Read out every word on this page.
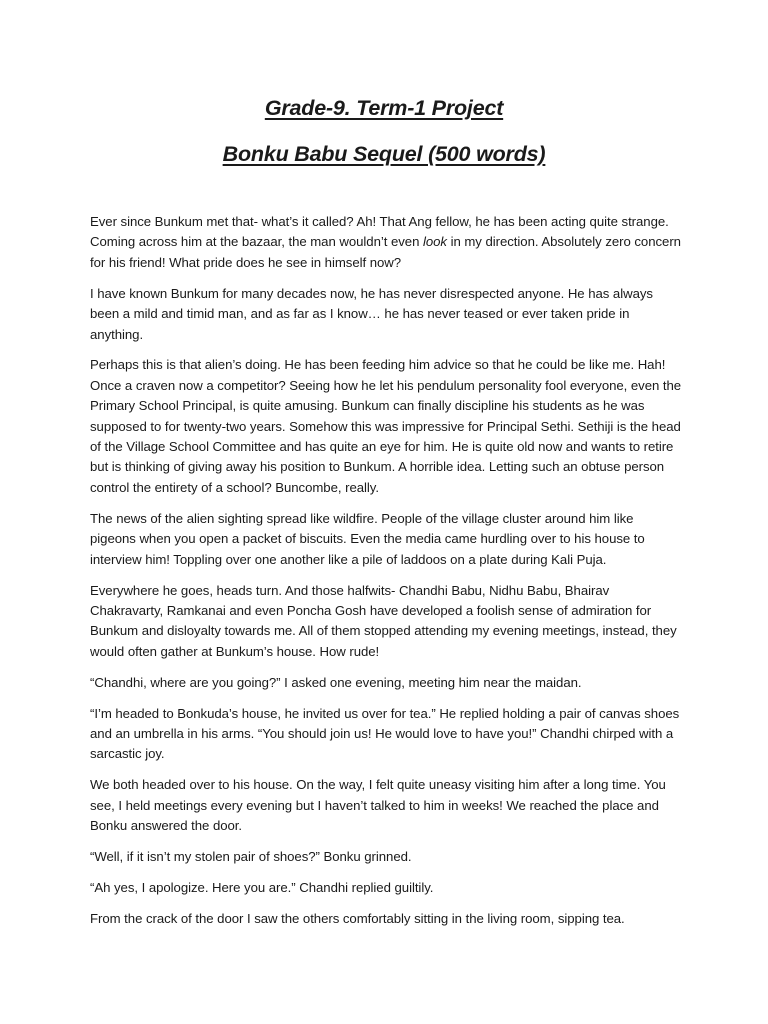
Grade-9. Term-1 Project
Bonku Babu Sequel (500 words)

Ever since Bunkum met that- what’s it called? Ah! That Ang fellow, he has been acting quite strange. Coming across him at the bazaar, the man wouldn’t even look in my direction. Absolutely zero concern for his friend! What pride does he see in himself now?

I have known Bunkum for many decades now, he has never disrespected anyone. He has always been a mild and timid man, and as far as I know… he has never teased or ever taken pride in anything.

Perhaps this is that alien’s doing. He has been feeding him advice so that he could be like me. Hah! Once a craven now a competitor? Seeing how he let his pendulum personality fool everyone, even the Primary School Principal, is quite amusing. Bunkum can finally discipline his students as he was supposed to for twenty-two years. Somehow this was impressive for Principal Sethi. Sethiji is the head of the Village School Committee and has quite an eye for him. He is quite old now and wants to retire but is thinking of giving away his position to Bunkum. A horrible idea. Letting such an obtuse person control the entirety of a school? Buncombe, really.

The news of the alien sighting spread like wildfire. People of the village cluster around him like pigeons when you open a packet of biscuits. Even the media came hurdling over to his house to interview him! Toppling over one another like a pile of laddoos on a plate during Kali Puja.

Everywhere he goes, heads turn. And those halfwits- Chandhi Babu, Nidhu Babu, Bhairav Chakravarty, Ramkanai and even Poncha Gosh have developed a foolish sense of admiration for Bunkum and disloyalty towards me. All of them stopped attending my evening meetings, instead, they would often gather at Bunkum’s house. How rude!

“Chandhi, where are you going?” I asked one evening, meeting him near the maidan.

“I’m headed to Bonkuda’s house, he invited us over for tea.” He replied holding a pair of canvas shoes and an umbrella in his arms. “You should join us! He would love to have you!” Chandhi chirped with a sarcastic joy.

We both headed over to his house. On the way, I felt quite uneasy visiting him after a long time. You see, I held meetings every evening but I haven’t talked to him in weeks! We reached the place and Bonku answered the door.

“Well, if it isn’t my stolen pair of shoes?” Bonku grinned.

“Ah yes, I apologize. Here you are.” Chandhi replied guiltily.

From the crack of the door I saw the others comfortably sitting in the living room, sipping tea.
